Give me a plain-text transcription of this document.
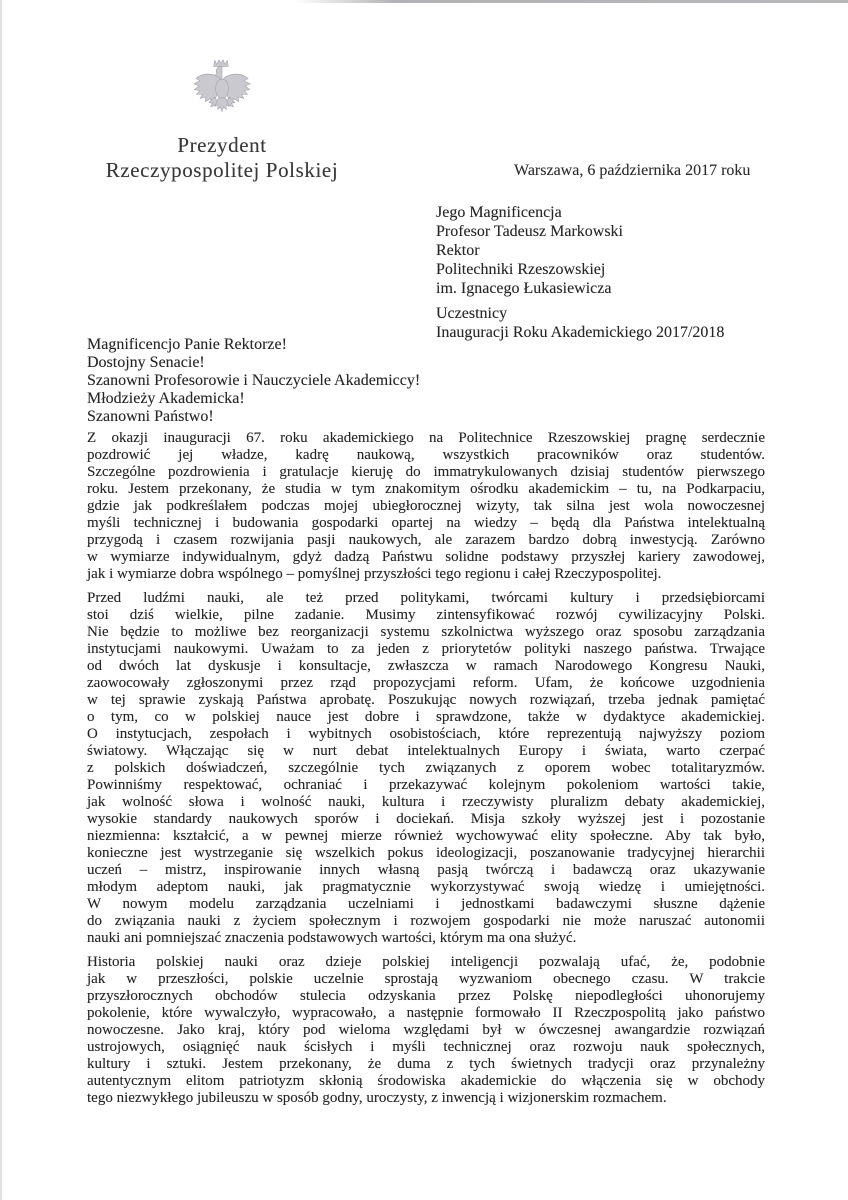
Prezydent
Rzeczypospolitej Polskiej	Warszawa, 6 października 2017 roku
Jego Magnificencja
Profesor Tadeusz Markowski
Rektor
Politechniki Rzeszowskiej
im. Ignacego Łukasiewicza
Uczestnicy
Inauguracji Roku Akademickiego 2017/2018
Magnificencjo Panie Rektorze!
Dostojny Senacie!
Szanowni Profesorowie i Nauczyciele Akademiccy!
Młodzieży Akademicka!
Szanowni Państwo!
Z okazji inauguracji 67. roku akademickiego na Politechnice Rzeszowskiej pragnę serdecznie
pozdrowić jej władze, kadrę naukową, wszystkich pracowników oraz studentów.
Szczególne pozdrowienia i gratulacje kieruję do immatrykulowanych dzisiaj studentów pierwszego
roku. Jestem przekonany, że studia w tym znakomitym ośrodku akademickim – tu, na Podkarpaciu,
gdzie jak podkreślałem podczas mojej ubiegłorocznej wizyty, tak silna jest wola nowoczesnej
myśli technicznej i budowania gospodarki opartej na wiedzy – będą dla Państwa intelektualną
przygodą i czasem rozwijania pasji naukowych, ale zarazem bardzo dobrą inwestycją. Zarówno
w wymiarze indywidualnym, gdyż dadzą Państwu solidne podstawy przyszłej kariery zawodowej,
jak i wymiarze dobra wspólnego – pomyślnej przyszłości tego regionu i całej Rzeczypospolitej.
Przed ludźmi nauki, ale też przed politykami, twórcami kultury i przedsiębiorcami
stoi dziś wielkie, pilne zadanie. Musimy zintensyfikować rozwój cywilizacyjny Polski.
Nie będzie to możliwe bez reorganizacji systemu szkolnictwa wyższego oraz sposobu zarządzania
instytucjami naukowymi. Uważam to za jeden z priorytetów polityki naszego państwa. Trwające
od dwóch lat dyskusje i konsultacje, zwłaszcza w ramach Narodowego Kongresu Nauki,
zaowocowały zgłoszonymi przez rząd propozycjami reform. Ufam, że końcowe uzgodnienia
w tej sprawie zyskają Państwa aprobatę. Poszukując nowych rozwiązań, trzeba jednak pamiętać
o tym, co w polskiej nauce jest dobre i sprawdzone, także w dydaktyce akademickiej.
O instytucjach, zespołach i wybitnych osobistościach, które reprezentują najwyższy poziom
światowy. Włączając się w nurt debat intelektualnych Europy i świata, warto czerpać
z polskich doświadczeń, szczególnie tych związanych z oporem wobec totalitaryzmów.
Powinniśmy respektować, ochraniać i przekazywać kolejnym pokoleniom wartości takie,
jak wolność słowa i wolność nauki, kultura i rzeczywisty pluralizm debaty akademickiej,
wysokie standardy naukowych sporów i dociekań. Misja szkoły wyższej jest i pozostanie
niezmienna: kształcić, a w pewnej mierze również wychowywać elity społeczne. Aby tak było,
konieczne jest wystrzeganie się wszelkich pokus ideologizacji, poszanowanie tradycyjnej hierarchii
uczeń – mistrz, inspirowanie innych własną pasją twórczą i badawczą oraz ukazywanie
młodym adeptom nauki, jak pragmatycznie wykorzystywać swoją wiedzę i umiejętności.
W nowym modelu zarządzania uczelniami i jednostkami badawczymi słuszne dążenie
do związania nauki z życiem społecznym i rozwojem gospodarki nie może naruszać autonomii
nauki ani pomniejszać znaczenia podstawowych wartości, którym ma ona służyć.
Historia polskiej nauki oraz dzieje polskiej inteligencji pozwalają ufać, że, podobnie
jak w przeszłości, polskie uczelnie sprostają wyzwaniom obecnego czasu. W trakcie
przyszłorocznych obchodów stulecia odzyskania przez Polskę niepodległości uhonorujemy
pokolenie, które wywalczyło, wypracowało, a następnie formowało II Rzeczpospolitą jako państwo
nowoczesne. Jako kraj, który pod wieloma względami był w ówczesnej awangardzie rozwiązań
ustrojowych, osiągnięć nauk ścisłych i myśli technicznej oraz rozwoju nauk społecznych,
kultury i sztuki. Jestem przekonany, że duma z tych świetnych tradycji oraz przynależny
autentycznym elitom patriotyzm skłonią środowiska akademickie do włączenia się w obchody
tego niezwykłego jubileuszu w sposób godny, uroczysty, z inwencją i wizjonerskim rozmachem.
